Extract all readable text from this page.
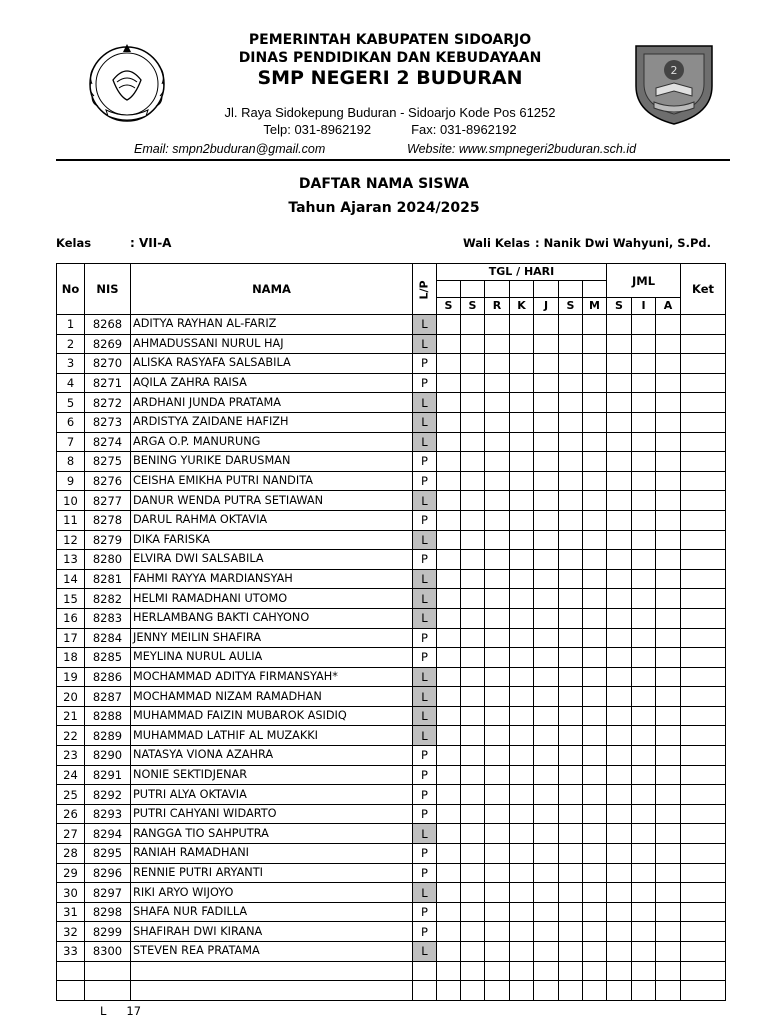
PEMERINTAH KABUPATEN SIDOARJO
DINAS PENDIDIKAN DAN KEBUDAYAAN
SMP NEGERI 2 BUDURAN
Jl. Raya Sidokepung Buduran - Sidoarjo Kode Pos 61252
Telp: 031-8962192	Fax: 031-8962192
Email: smpn2buduran@gmail.com	Website: www.smpnegeri2buduran.sch.id
2
DAFTAR NAMA SISWA
Tahun Ajaran 2024/2025
Kelas	: VII-A	Wali Kelas : Nanik Dwi Wahyuni, S.Pd.
No	NIS	NAMA	L/P	TGL / HARI							JML			Ket

				S	S	R	K	J	S	M	S	I	A	
1	8268	ADITYA RAYHAN AL-FARIZ	L											
2	8269	AHMADUSSANI NURUL HAJ	L											
3	8270	ALISKA RASYAFA SALSABILA	P											
4	8271	AQILA ZAHRA RAISA	P											
5	8272	ARDHANI JUNDA PRATAMA	L											
6	8273	ARDISTYA ZAIDANE HAFIZH	L											
7	8274	ARGA O.P. MANURUNG	L											
8	8275	BENING YURIKE DARUSMAN	P											
9	8276	CEISHA EMIKHA PUTRI NANDITA	P											
10	8277	DANUR WENDA PUTRA SETIAWAN	L											
11	8278	DARUL RAHMA OKTAVIA	P											
12	8279	DIKA FARISKA	L											
13	8280	ELVIRA DWI SALSABILA	P											
14	8281	FAHMI RAYYA MARDIANSYAH	L											
15	8282	HELMI RAMADHANI UTOMO	L											
16	8283	HERLAMBANG BAKTI CAHYONO	L											
17	8284	JENNY MEILIN SHAFIRA	P											
18	8285	MEYLINA NURUL AULIA	P											
19	8286	MOCHAMMAD ADITYA FIRMANSYAH*	L											
20	8287	MOCHAMMAD NIZAM RAMADHAN	L											
21	8288	MUHAMMAD FAIZIN MUBAROK ASIDIQ	L											
22	8289	MUHAMMAD LATHIF AL MUZAKKI	L											
23	8290	NATASYA VIONA AZAHRA	P											
24	8291	NONIE SEKTIDJENAR	P											
25	8292	PUTRI ALYA OKTAVIA	P											
26	8293	PUTRI CAHYANI WIDARTO	P											
27	8294	RANGGA TIO SAHPUTRA	L											
28	8295	RANIAH RAMADHANI	P											
29	8296	RENNIE PUTRI ARYANTI	P											
30	8297	RIKI ARYO WIJOYO	L											
31	8298	SHAFA NUR FADILLA	P											
32	8299	SHAFIRAH DWI KIRANA	P											
33	8300	STEVEN REA PRATAMA	L											

L 17
